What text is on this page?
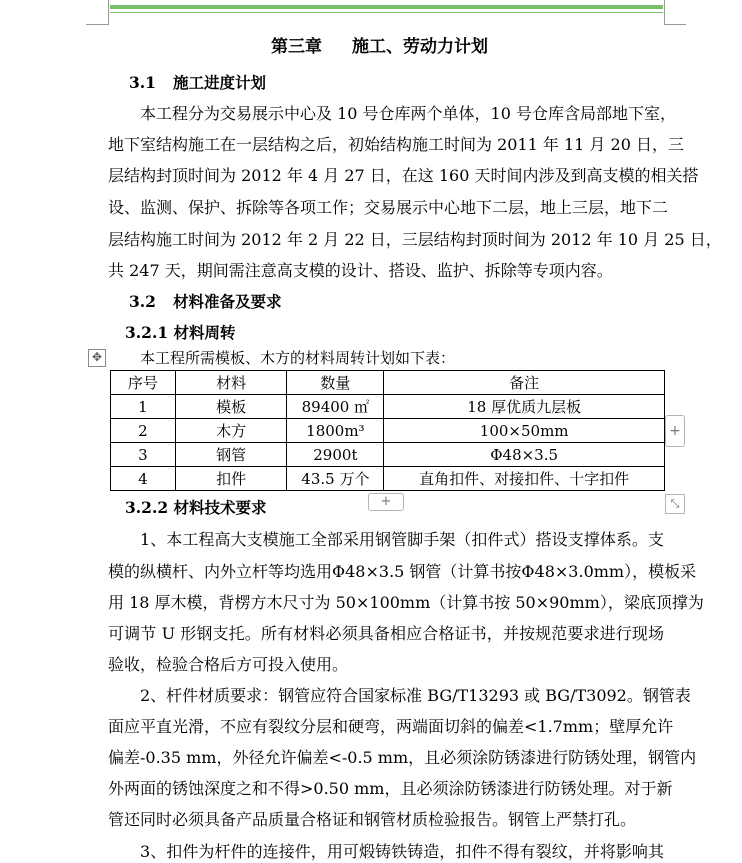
第三章 施工、劳动力计划
3.1 施工进度计划
本工程分为交易展示中心及 10 号仓库两个单体，10 号仓库含局部地下室，
地下室结构施工在一层结构之后，初始结构施工时间为 2011 年 11 月 20 日，三
层结构封顶时间为 2012 年 4 月 27 日，在这 160 天时间内涉及到高支模的相关搭
设、监测、保护、拆除等各项工作；交易展示中心地下二层，地上三层，地下二
层结构施工时间为 2012 年 2 月 22 日，三层结构封顶时间为 2012 年 10 月 25 日，
共 247 天，期间需注意高支模的设计、搭设、监护、拆除等专项内容。
3.2 材料准备及要求
3.2.1 材料周转
本工程所需模板、木方的材料周转计划如下表：
3.2.2 材料技术要求
1、本工程高大支模施工全部采用钢管脚手架（扣件式）搭设支撑体系。支
模的纵横杆、内外立杆等均选用Φ48×3.5 钢管（计算书按Φ48×3.0mm），模板采
用 18 厚木模，背楞方木尺寸为 50×100mm（计算书按 50×90mm），梁底顶撑为
可调节 U 形钢支托。所有材料必须具备相应合格证书，并按规范要求进行现场
验收，检验合格后方可投入使用。
2、杆件材质要求：钢管应符合国家标准 BG/T13293 或 BG/T3092。钢管表
面应平直光滑，不应有裂纹分层和硬弯，两端面切斜的偏差<1.7mm；壁厚允许
偏差-0.35 mm，外径允许偏差<-0.5 mm，且必须涂防锈漆进行防锈处理，钢管内
外两面的锈蚀深度之和不得>0.50 mm，且必须涂防锈漆进行防锈处理。对于新
管还同时必须具备产品质量合格证和钢管材质检验报告。钢管上严禁打孔。
3、扣件为杆件的连接件，用可煅铸铁铸造，扣件不得有裂纹，并将影响其
序号	材料	数量	备注
1	模板	89400 ㎡	18 厚优质九层板
2	木方	1800m³	100×50mm
3	钢管	2900t	Φ48×3.5
4	扣件	43.5 万个	直角扣件、对接扣件、十字扣件
✥
+
+	⤡
